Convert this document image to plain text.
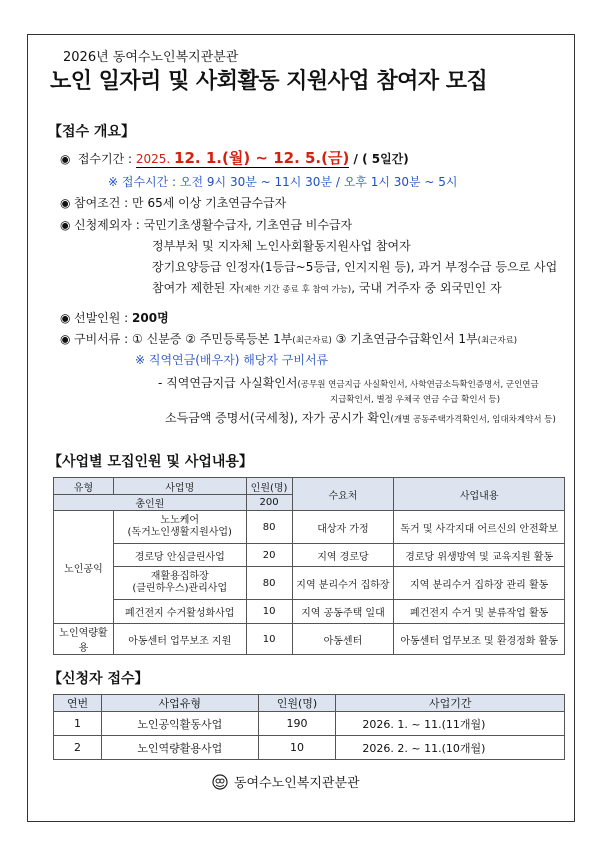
2026년 동여수노인복지관분관
노인 일자리 및 사회활동 지원사업 참여자 모집
【접수 개요】
◉ 접수기간 : 2025. 12. 1.(월) ~ 12. 5.(금) / ( 5일간)
※ 접수시간 : 오전 9시 30분 ~ 11시 30분 / 오후 1시 30분 ~ 5시
◉ 참여조건 : 만 65세 이상 기초연금수급자
◉ 신청제외자 : 국민기초생활수급자, 기초연금 비수급자
정부부처 및 지자체 노인사회활동지원사업 참여자
장기요양등급 인정자(1등급~5등급, 인지지원 등), 과거 부정수급 등으로 사업
참여가 제한된 자(제한 기간 종료 후 참여 가능), 국내 거주자 중 외국민인 자
◉ 선발인원 : 200명
◉ 구비서류 : ① 신분증 ② 주민등록등본 1부(최근자료) ③ 기초연금수급확인서 1부(최근자료)
※ 직역연금(배우자) 해당자 구비서류
- 직역연금지급 사실확인서(공무원 연금지급 사실확인서, 사학연금소득확인증명서, 군인연금
지급확인서, 별정 우체국 연금 수급 확인서 등)
소득금액 증명서(국세청), 자가 공시가 확인(개별 공동주택가격확인서, 임대차계약서 등)
【사업별 모집인원 및 사업내용】
유형	사업명	인원(명)	수요처	사업내용
총인원		200		
노인공익	노노케어
(독거노인생활지원사업)	80	대상자 가정	독거 및 사각지대 어르신의 안전확보
	경로당 안심클린사업	20	지역 경로당	경로당 위생방역 및 교육지원 활동
	재활용집하장
(클린하우스)관리사업	80	지역 분리수거 집하장	지역 분리수거 집하장 관리 활동
	폐건전지 수거활성화사업	10	지역 공동주택 일대	폐건전지 수거 및 분류작업 활동
노인역량활용	아동센터 업무보조 지원	10	아동센터	아동센터 업무보조 및 환경정화 활동
【신청자 접수】
연번	사업유형	인원(명)	사업기간
1	노인공익활동사업	190	2026. 1. ~ 11.(11개월)
2	노인역량활용사업	10	2026. 2. ~ 11.(10개월)
동여수노인복지관분관
